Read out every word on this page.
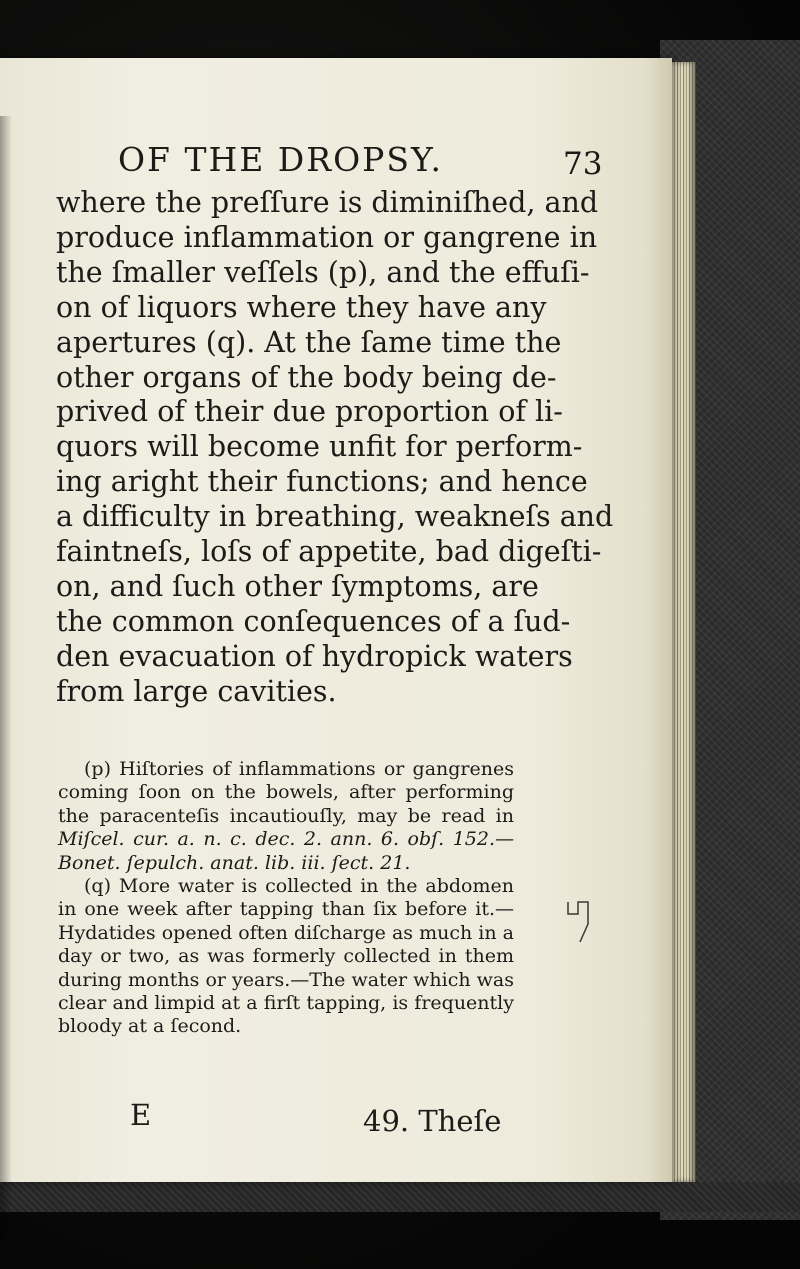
OF THE DROPSY.	73
where the preſſure is diminiſhed, and
produce inflammation or gangrene in
the ſmaller veſſels (p), and the effuſi-
on of liquors where they have any
apertures (q). At the ſame time the
other organs of the body being de-
prived of their due proportion of li-
quors will become unfit for perform-
ing aright their functions; and hence
a difficulty in breathing, weakneſs and
faintneſs, loſs of appetite, bad digeſti-
on, and ſuch other ſymptoms, are
the common conſequences of a ſud-
den evacuation of hydropick waters
from large cavities.
(p) Hiſtories of inflammations or gangrenes
coming ſoon on the bowels, after performing
the paracenteſis incautiouſly, may be read in
Miſcel. cur. a. n. c. dec. 2. ann. 6. obſ. 152.—
Bonet. ſepulch. anat. lib. iii. ſect. 21.
(q) More water is collected in the abdomen
in one week after tapping than ſix before it.—
Hydatides opened often diſcharge as much in a
day or two, as was formerly collected in them
during months or years.—The water which was
clear and limpid at a firſt tapping, is frequently
bloody at a ſecond.
E	49. Theſe
